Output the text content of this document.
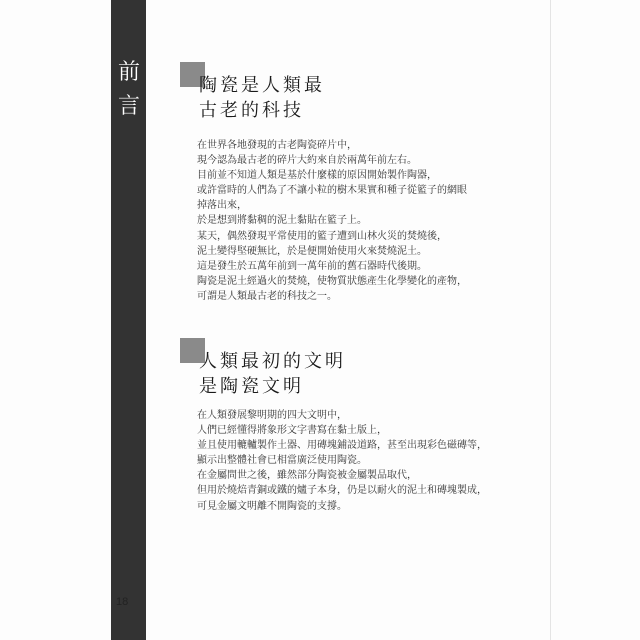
前
言
陶瓷是人類最
古老的科技
在世界各地發現的古老陶瓷碎片中，
現今認為最古老的碎片大約來自於兩萬年前左右。
目前並不知道人類是基於什麼樣的原因開始製作陶器，
或許當時的人們為了不讓小粒的樹木果實和種子從籃子的網眼
掉落出來，
於是想到將黏稠的泥土黏貼在籃子上。
某天，偶然發現平常使用的籃子遭到山林火災的焚燒後，
泥土變得堅硬無比，於是便開始使用火來焚燒泥土。
這是發生於五萬年前到一萬年前的舊石器時代後期。
陶瓷是泥土經過火的焚燒，使物質狀態產生化學變化的產物，
可謂是人類最古老的科技之一。
人類最初的文明
是陶瓷文明
在人類發展黎明期的四大文明中，
人們已經懂得將象形文字書寫在黏土版上，
並且使用轆轤製作土器、用磚塊鋪設道路，甚至出現彩色磁磚等，
顯示出整體社會已相當廣泛使用陶瓷。
在金屬問世之後，雖然部分陶瓷被金屬製品取代，
但用於燒焙青銅或鐵的爐子本身，仍是以耐火的泥土和磚塊製成，
可見金屬文明離不開陶瓷的支撐。
18
